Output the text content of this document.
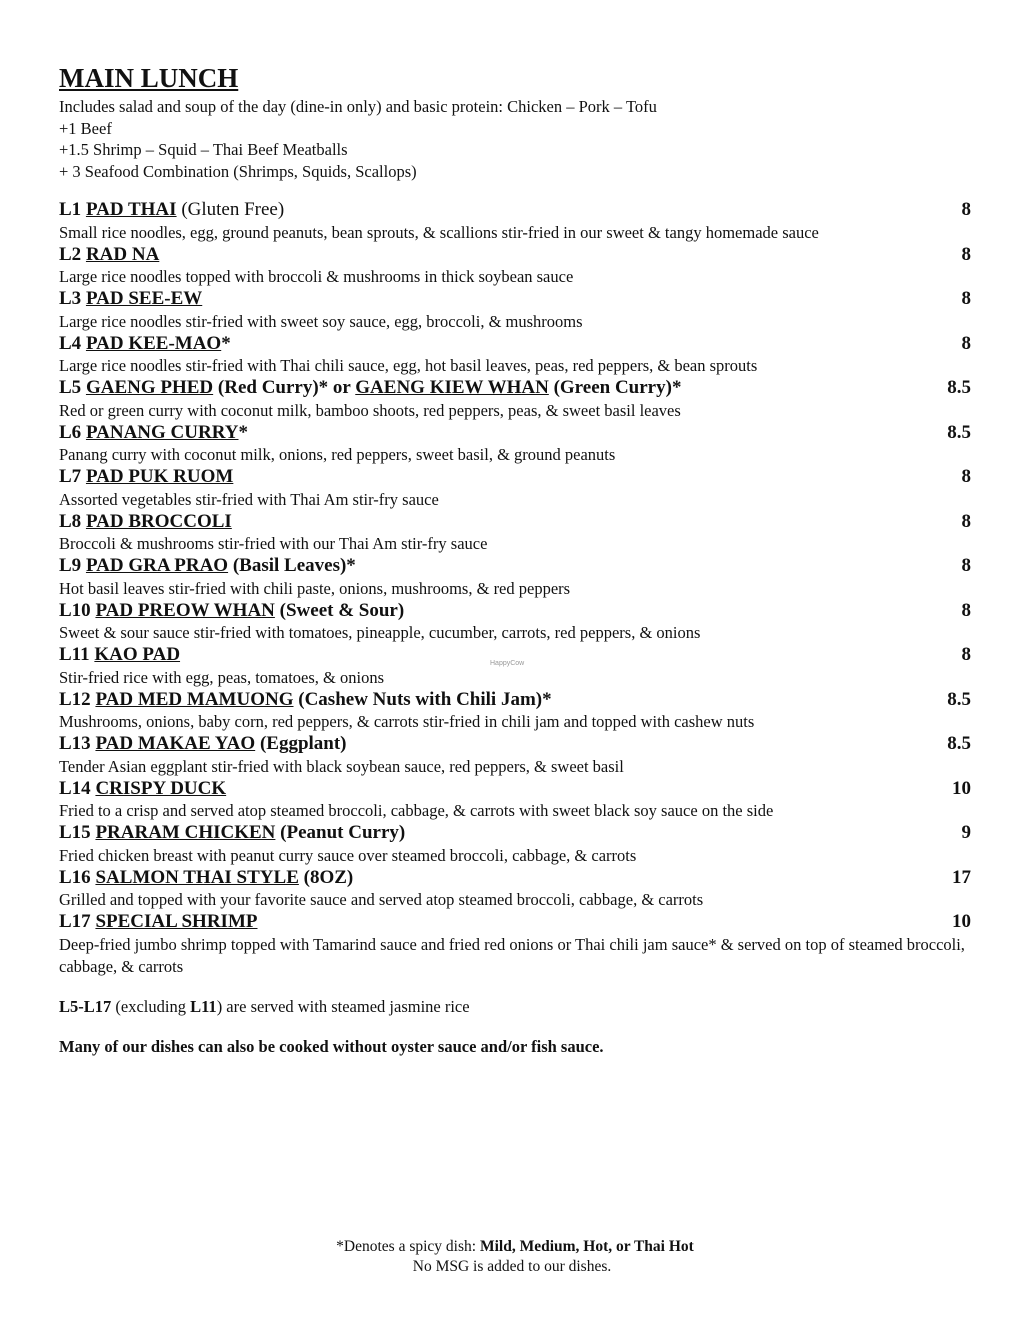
MAIN LUNCH
Includes salad and soup of the day (dine-in only) and basic protein: Chicken – Pork – Tofu
+1 Beef
+1.5 Shrimp – Squid – Thai Beef Meatballs
+ 3 Seafood Combination (Shrimps, Squids, Scallops)
L1 PAD THAI (Gluten Free)	8
Small rice noodles, egg, ground peanuts, bean sprouts, & scallions stir-fried in our sweet & tangy homemade sauce
L2 RAD NA	8
Large rice noodles topped with broccoli & mushrooms in thick soybean sauce
L3 PAD SEE-EW	8
Large rice noodles stir-fried with sweet soy sauce, egg, broccoli, & mushrooms
L4 PAD KEE-MAO*	8
Large rice noodles stir-fried with Thai chili sauce, egg, hot basil leaves, peas, red peppers, & bean sprouts
L5 GAENG PHED (Red Curry)* or GAENG KIEW WHAN (Green Curry)*	8.5
Red or green curry with coconut milk, bamboo shoots, red peppers, peas, & sweet basil leaves
L6 PANANG CURRY*	8.5
Panang curry with coconut milk, onions, red peppers, sweet basil, & ground peanuts
L7 PAD PUK RUOM	8
Assorted vegetables stir-fried with Thai Am stir-fry sauce
L8 PAD BROCCOLI	8
Broccoli & mushrooms stir-fried with our Thai Am stir-fry sauce
L9 PAD GRA PRAO (Basil Leaves)*	8
Hot basil leaves stir-fried with chili paste, onions, mushrooms, & red peppers
L10 PAD PREOW WHAN (Sweet & Sour)	8
Sweet & sour sauce stir-fried with tomatoes, pineapple, cucumber, carrots, red peppers, & onions
L11 KAO PAD	8
Stir-fried rice with egg, peas, tomatoes, & onions
L12 PAD MED MAMUONG (Cashew Nuts with Chili Jam)*	8.5
Mushrooms, onions, baby corn, red peppers, & carrots stir-fried in chili jam and topped with cashew nuts
L13 PAD MAKAE YAO (Eggplant)	8.5
Tender Asian eggplant stir-fried with black soybean sauce, red peppers, & sweet basil
L14 CRISPY DUCK	10
Fried to a crisp and served atop steamed broccoli, cabbage, & carrots with sweet black soy sauce on the side
L15 PRARAM CHICKEN (Peanut Curry)	9
Fried chicken breast with peanut curry sauce over steamed broccoli, cabbage, & carrots
L16 SALMON THAI STYLE (8OZ)	17
Grilled and topped with your favorite sauce and served atop steamed broccoli, cabbage, & carrots
L17 SPECIAL SHRIMP	10
Deep-fried jumbo shrimp topped with Tamarind sauce and fried red onions or Thai chili jam sauce* & served on top of steamed broccoli, cabbage, & carrots
L5-L17 (excluding L11) are served with steamed jasmine rice
Many of our dishes can also be cooked without oyster sauce and/or fish sauce.
HappyCow
*Denotes a spicy dish: Mild, Medium, Hot, or Thai Hot
No MSG is added to our dishes.
